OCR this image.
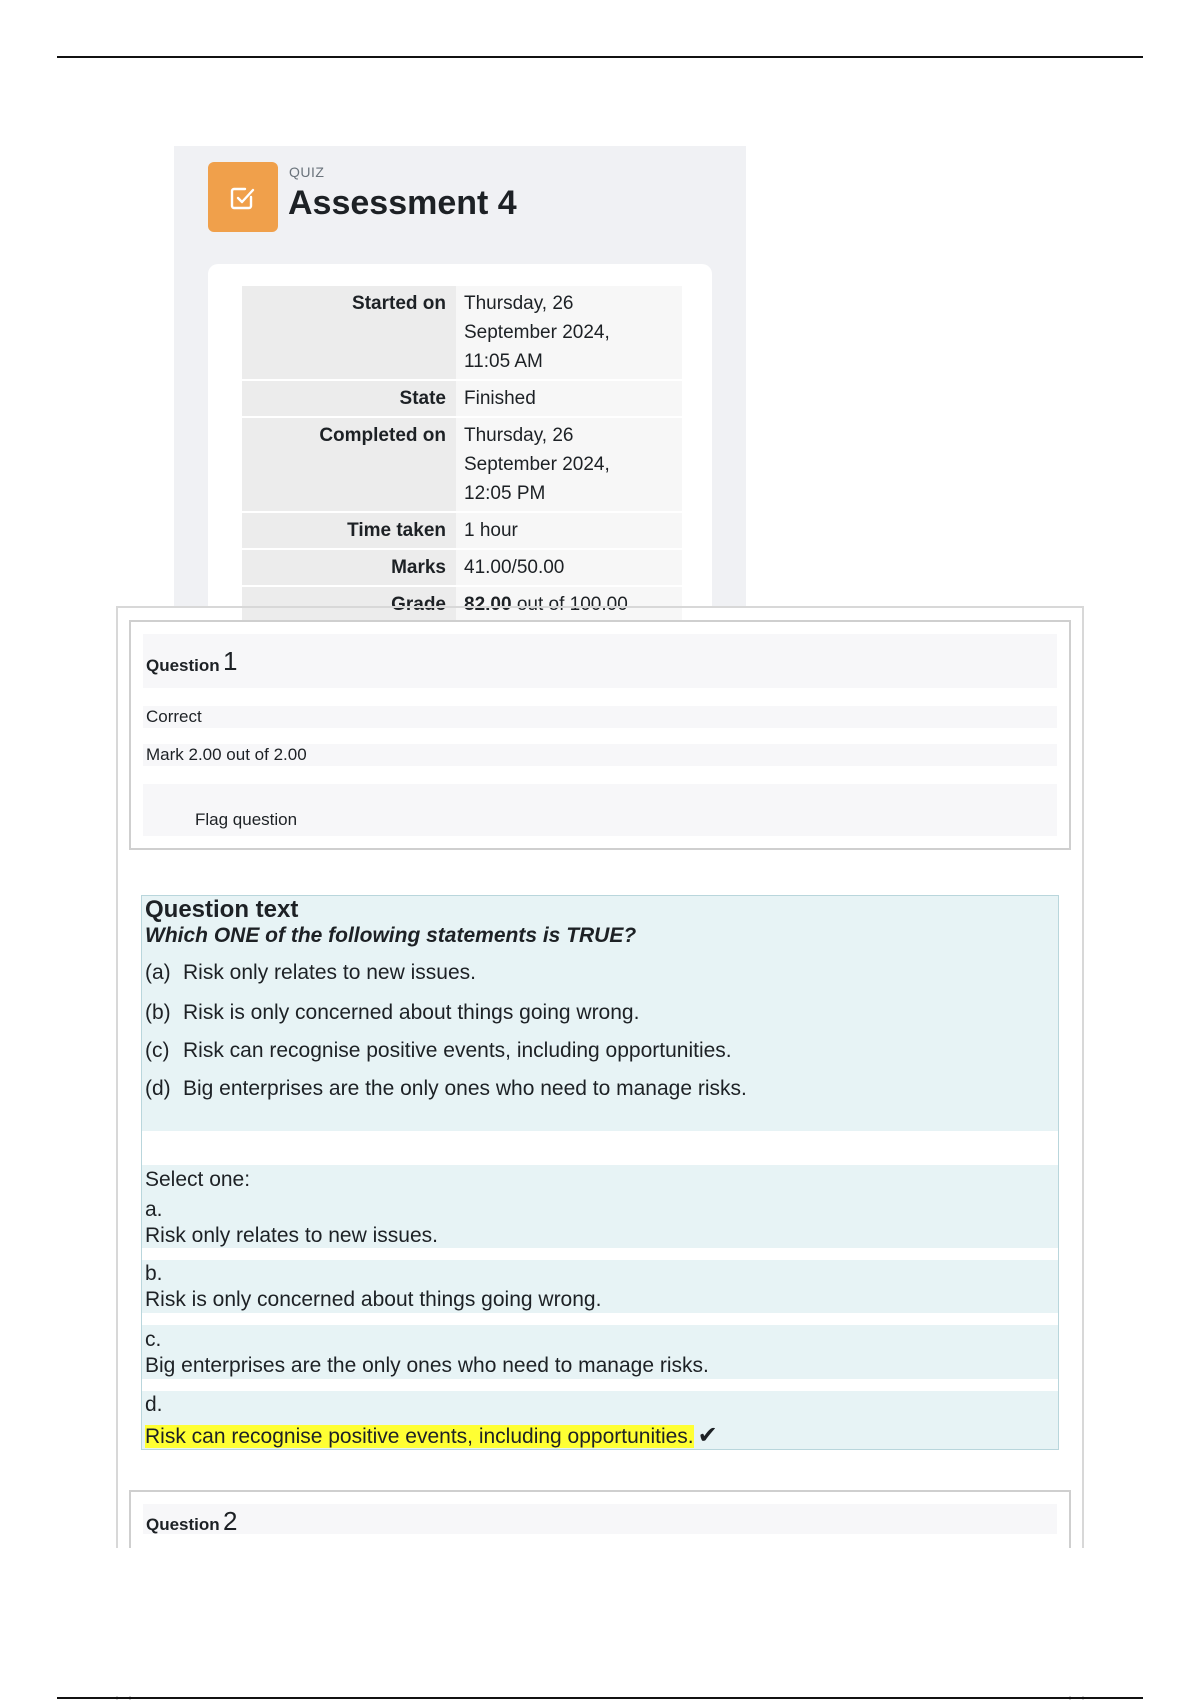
QUIZ
Assessment 4
Started on	Thursday, 26
September 2024,
11:05 AM
State	Finished
Completed on	Thursday, 26
September 2024,
12:05 PM
Time taken	1 hour
Marks	41.00/50.00
Grade	82.00 out of 100.00
Question 1
Correct
Mark 2.00 out of 2.00
Flag question
Question text
Which ONE of the following statements is TRUE?
(a) Risk only relates to new issues.
(b) Risk is only concerned about things going wrong.
(c) Risk can recognise positive events, including opportunities.
(d) Big enterprises are the only ones who need to manage risks.
Select one:
a.
Risk only relates to new issues.
b.
Risk is only concerned about things going wrong.
c.
Big enterprises are the only ones who need to manage risks.
d.
Risk can recognise positive events, including opportunities. ✔
Question 2
